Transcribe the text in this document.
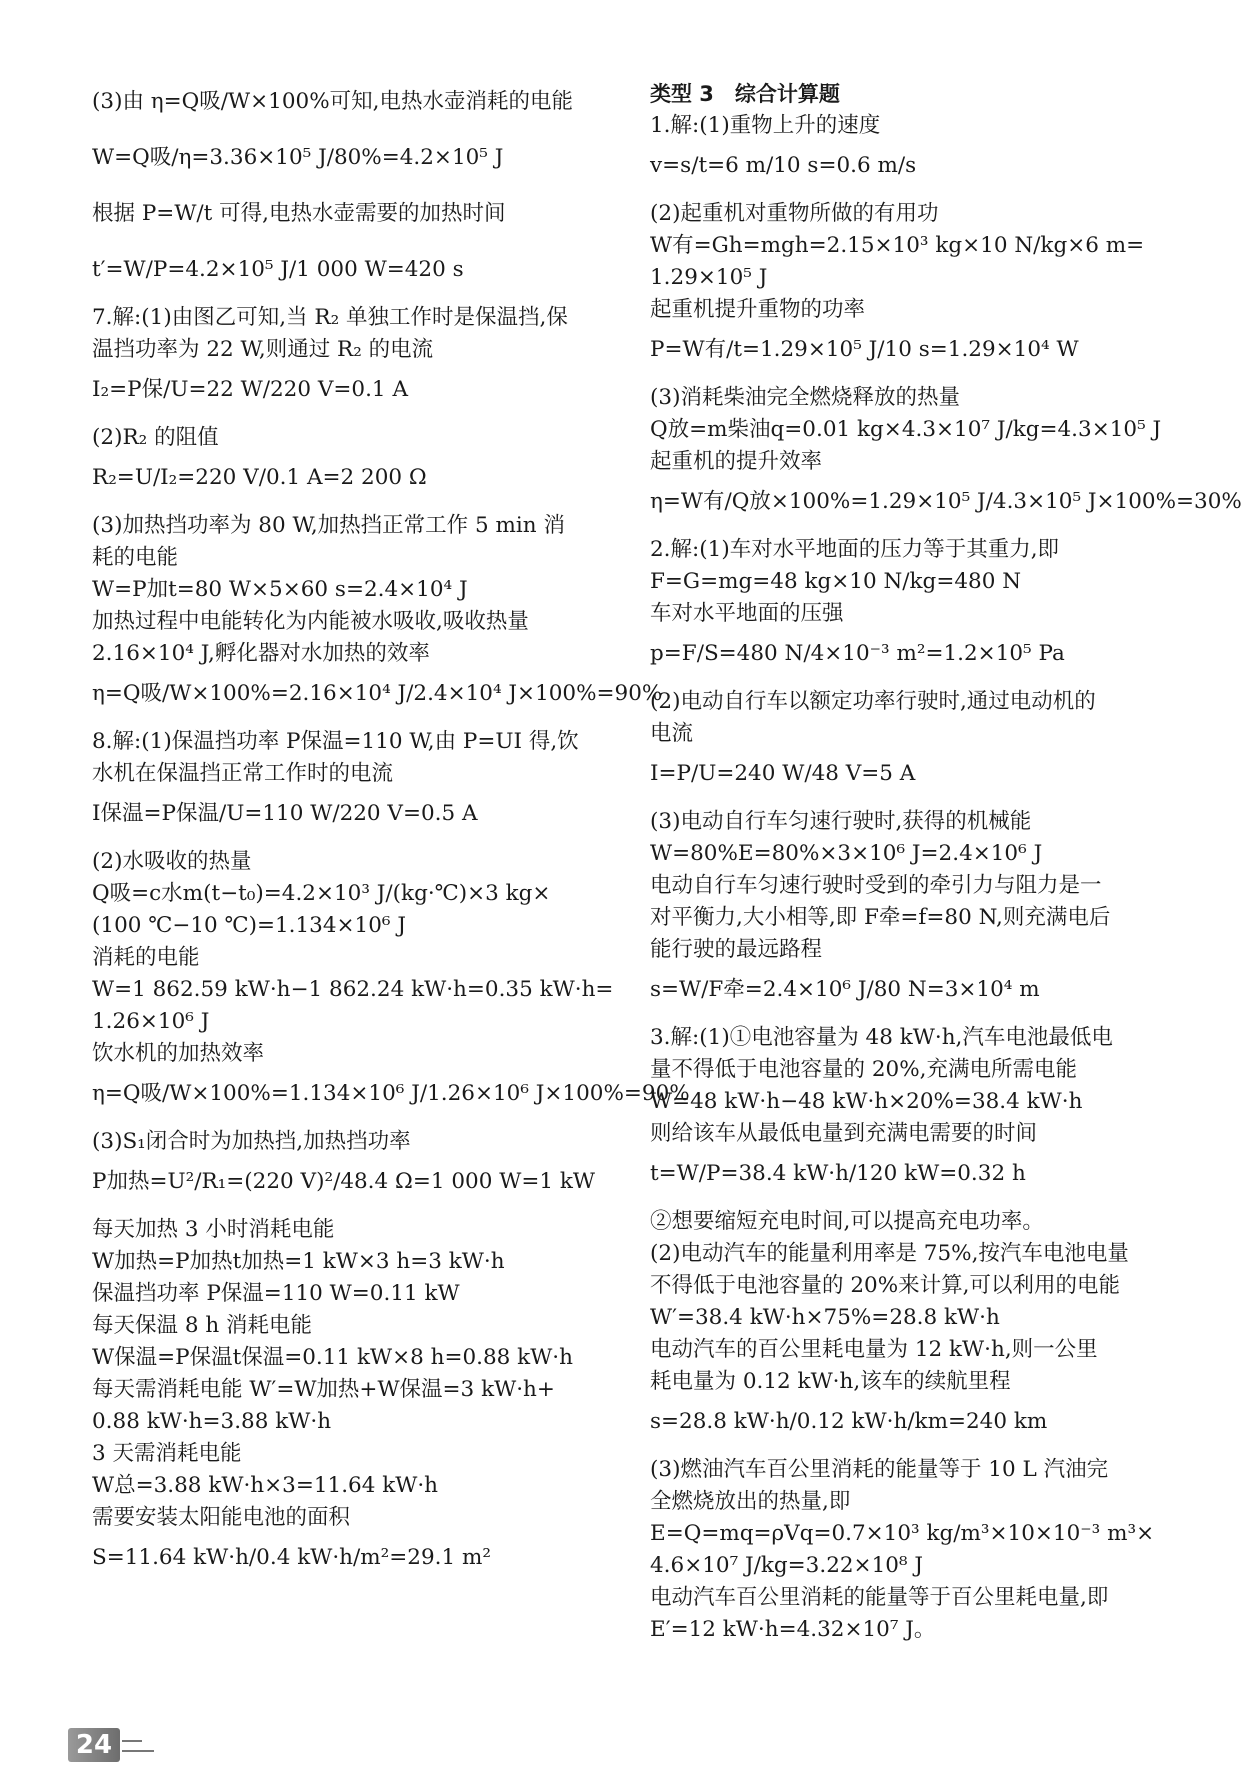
(3)由 η=Q吸/W×100%可知,电热水壶消耗的电能
W=Q吸/η=3.36×10⁵ J/80%=4.2×10⁵ J
根据 P=W/t 可得,电热水壶需要的加热时间
t′=W/P=4.2×10⁵ J/1 000 W=420 s
7.解:(1)由图乙可知,当 R₂ 单独工作时是保温挡,保
温挡功率为 22 W,则通过 R₂ 的电流
I₂=P保/U=22 W/220 V=0.1 A
(2)R₂ 的阻值
R₂=U/I₂=220 V/0.1 A=2 200 Ω
(3)加热挡功率为 80 W,加热挡正常工作 5 min 消
耗的电能
W=P加t=80 W×5×60 s=2.4×10⁴ J
加热过程中电能转化为内能被水吸收,吸收热量
2.16×10⁴ J,孵化器对水加热的效率
η=Q吸/W×100%=2.16×10⁴ J/2.4×10⁴ J×100%=90%
8.解:(1)保温挡功率 P保温=110 W,由 P=UI 得,饮
水机在保温挡正常工作时的电流
I保温=P保温/U=110 W/220 V=0.5 A
(2)水吸收的热量
Q吸=c水m(t−t₀)=4.2×10³ J/(kg·℃)×3 kg×
(100 ℃−10 ℃)=1.134×10⁶ J
消耗的电能
W=1 862.59 kW·h−1 862.24 kW·h=0.35 kW·h=
1.26×10⁶ J
饮水机的加热效率
η=Q吸/W×100%=1.134×10⁶ J/1.26×10⁶ J×100%=90%
(3)S₁闭合时为加热挡,加热挡功率
P加热=U²/R₁=(220 V)²/48.4 Ω=1 000 W=1 kW
每天加热 3 小时消耗电能
W加热=P加热t加热=1 kW×3 h=3 kW·h
保温挡功率 P保温=110 W=0.11 kW
每天保温 8 h 消耗电能
W保温=P保温t保温=0.11 kW×8 h=0.88 kW·h
每天需消耗电能 W′=W加热+W保温=3 kW·h+
0.88 kW·h=3.88 kW·h
3 天需消耗电能
W总=3.88 kW·h×3=11.64 kW·h
需要安装太阳能电池的面积
S=11.64 kW·h/0.4 kW·h/m²=29.1 m²
类型 3　综合计算题
1.解:(1)重物上升的速度
v=s/t=6 m/10 s=0.6 m/s
(2)起重机对重物所做的有用功
W有=Gh=mgh=2.15×10³ kg×10 N/kg×6 m=
1.29×10⁵ J
起重机提升重物的功率
P=W有/t=1.29×10⁵ J/10 s=1.29×10⁴ W
(3)消耗柴油完全燃烧释放的热量
Q放=m柴油q=0.01 kg×4.3×10⁷ J/kg=4.3×10⁵ J
起重机的提升效率
η=W有/Q放×100%=1.29×10⁵ J/4.3×10⁵ J×100%=30%
2.解:(1)车对水平地面的压力等于其重力,即
F=G=mg=48 kg×10 N/kg=480 N
车对水平地面的压强
p=F/S=480 N/4×10⁻³ m²=1.2×10⁵ Pa
(2)电动自行车以额定功率行驶时,通过电动机的
电流
I=P/U=240 W/48 V=5 A
(3)电动自行车匀速行驶时,获得的机械能
W=80%E=80%×3×10⁶ J=2.4×10⁶ J
电动自行车匀速行驶时受到的牵引力与阻力是一
对平衡力,大小相等,即 F牵=f=80 N,则充满电后
能行驶的最远路程
s=W/F牵=2.4×10⁶ J/80 N=3×10⁴ m
3.解:(1)①电池容量为 48 kW·h,汽车电池最低电
量不得低于电池容量的 20%,充满电所需电能
W=48 kW·h−48 kW·h×20%=38.4 kW·h
则给该车从最低电量到充满电需要的时间
t=W/P=38.4 kW·h/120 kW=0.32 h
②想要缩短充电时间,可以提高充电功率。
(2)电动汽车的能量利用率是 75%,按汽车电池电量
不得低于电池容量的 20%来计算,可以利用的电能
W′=38.4 kW·h×75%=28.8 kW·h
电动汽车的百公里耗电量为 12 kW·h,则一公里
耗电量为 0.12 kW·h,该车的续航里程
s=28.8 kW·h/0.12 kW·h/km=240 km
(3)燃油汽车百公里消耗的能量等于 10 L 汽油完
全燃烧放出的热量,即
E=Q=mq=ρVq=0.7×10³ kg/m³×10×10⁻³ m³×
4.6×10⁷ J/kg=3.22×10⁸ J
电动汽车百公里消耗的能量等于百公里耗电量,即
E′=12 kW·h=4.32×10⁷ J。
24
